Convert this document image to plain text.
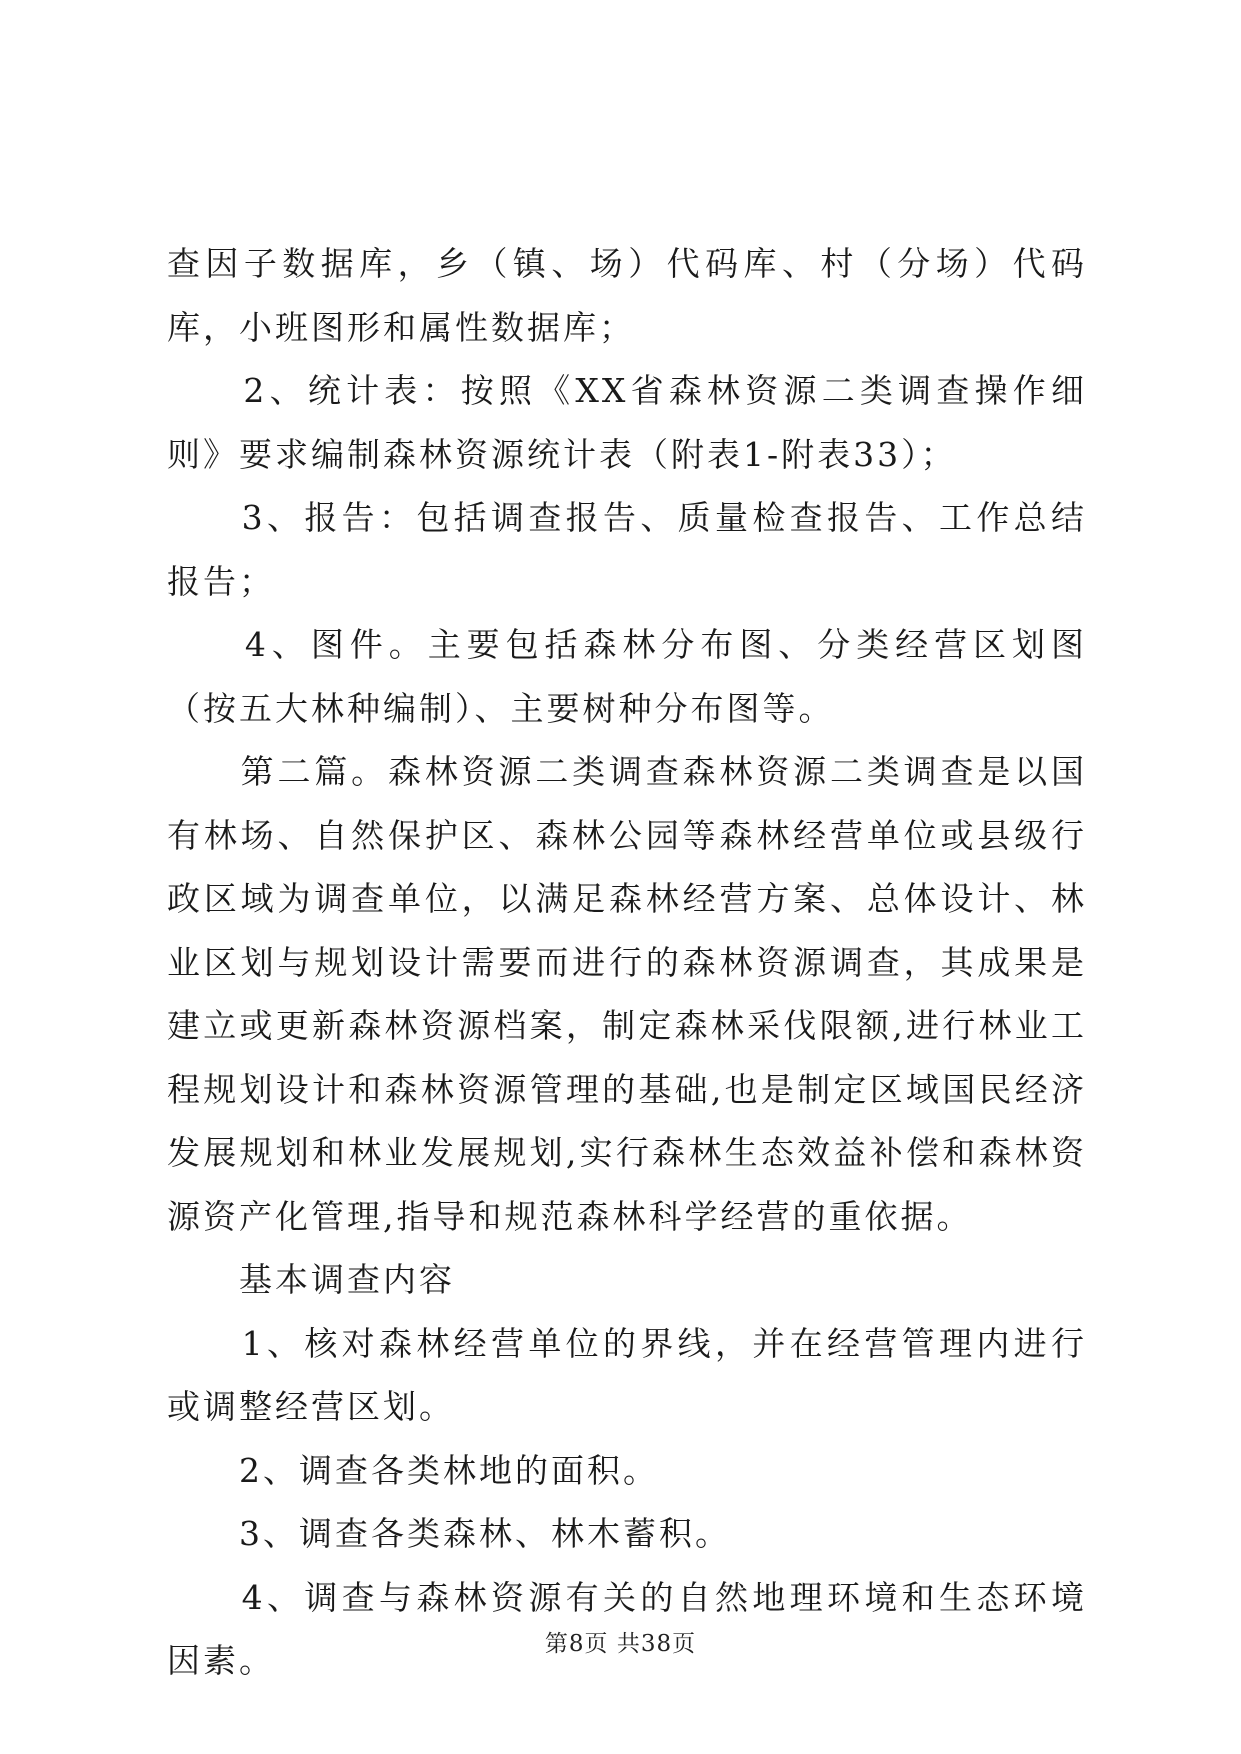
查因子数据库，乡（镇、场）代码库、村（分场）代码库，小班图形和属性数据库；

　　2、统计表：按照《XX省森林资源二类调查操作细则》要求编制森林资源统计表（附表1-附表33）；

　　3、报告：包括调查报告、质量检查报告、工作总结报告；

　　4、图件。主要包括森林分布图、分类经营区划图（按五大林种编制）、主要树种分布图等。

　　第二篇。森林资源二类调查森林资源二类调查是以国有林场、自然保护区、森林公园等森林经营单位或县级行政区域为调查单位，以满足森林经营方案、总体设计、林业区划与规划设计需要而进行的森林资源调查，其成果是建立或更新森林资源档案，制定森林采伐限额,进行林业工程规划设计和森林资源管理的基础,也是制定区域国民经济发展规划和林业发展规划,实行森林生态效益补偿和森林资源资产化管理,指导和规范森林科学经营的重依据。

　　基本调查内容

　　1、核对森林经营单位的界线，并在经营管理内进行或调整经营区划。

　　2、调查各类林地的面积。

　　3、调查各类森林、林木蓄积。

　　4、调查与森林资源有关的自然地理环境和生态环境因素。	第8页 共38页
